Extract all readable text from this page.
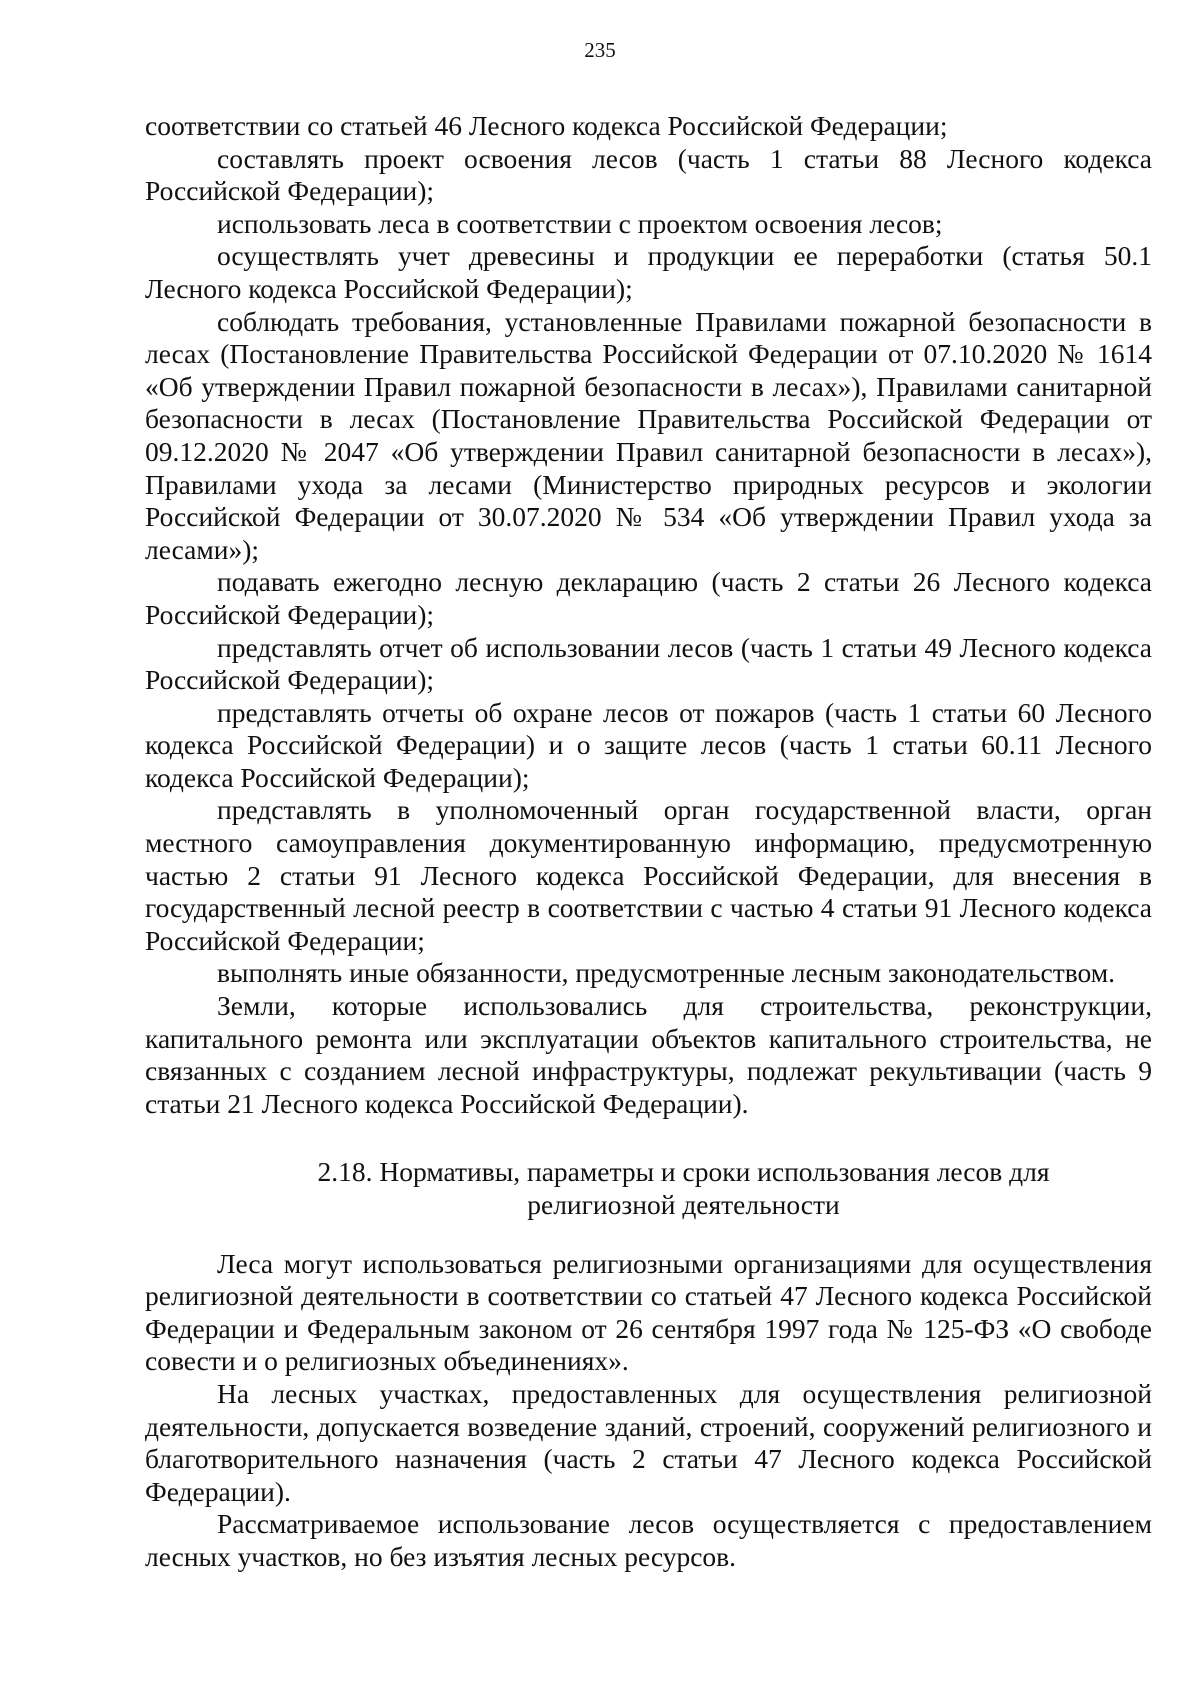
235

соответствии со статьей 46 Лесного кодекса Российской Федерации;

составлять проект освоения лесов (часть 1 статьи 88 Лесного кодекса Российской Федерации);

использовать леса в соответствии с проектом освоения лесов;

осуществлять учет древесины и продукции ее переработки (статья 50.1 Лесного кодекса Российской Федерации);

соблюдать требования, установленные Правилами пожарной безопасности в лесах (Постановление Правительства Российской Федерации от 07.10.2020 № 1614 «Об утверждении Правил пожарной безопасности в лесах»), Правилами санитарной безопасности в лесах (Постановление Правительства Российской Федерации от 09.12.2020 № 2047 «Об утверждении Правил санитарной безопасности в лесах»), Правилами ухода за лесами (Министерство природных ресурсов и экологии Российской Федерации от 30.07.2020 № 534 «Об утверждении Правил ухода за лесами»);

подавать ежегодно лесную декларацию (часть 2 статьи 26 Лесного кодекса Российской Федерации);

представлять отчет об использовании лесов (часть 1 статьи 49 Лесного кодекса Российской Федерации);

представлять отчеты об охране лесов от пожаров (часть 1 статьи 60 Лесного кодекса Российской Федерации) и о защите лесов (часть 1 статьи 60.11 Лесного кодекса Российской Федерации);

представлять в уполномоченный орган государственной власти, орган местного самоуправления документированную информацию, предусмотренную частью 2 статьи 91 Лесного кодекса Российской Федерации, для внесения в государственный лесной реестр в соответствии с частью 4 статьи 91 Лесного кодекса Российской Федерации;

выполнять иные обязанности, предусмотренные лесным законодательством.

Земли, которые использовались для строительства, реконструкции, капитального ремонта или эксплуатации объектов капитального строительства, не связанных с созданием лесной инфраструктуры, подлежат рекультивации (часть 9 статьи 21 Лесного кодекса Российской Федерации).

2.18. Нормативы, параметры и сроки использования лесов для
религиозной деятельности

Леса могут использоваться религиозными организациями для осуществления религиозной деятельности в соответствии со статьей 47 Лесного кодекса Российской Федерации и Федеральным законом от 26 сентября 1997 года № 125-ФЗ «О свободе совести и о религиозных объединениях».

На лесных участках, предоставленных для осуществления религиозной деятельности, допускается возведение зданий, строений, сооружений религиозного и благотворительного назначения (часть 2 статьи 47 Лесного кодекса Российской Федерации).

Рассматриваемое использование лесов осуществляется с предоставлением лесных участков, но без изъятия лесных ресурсов.
